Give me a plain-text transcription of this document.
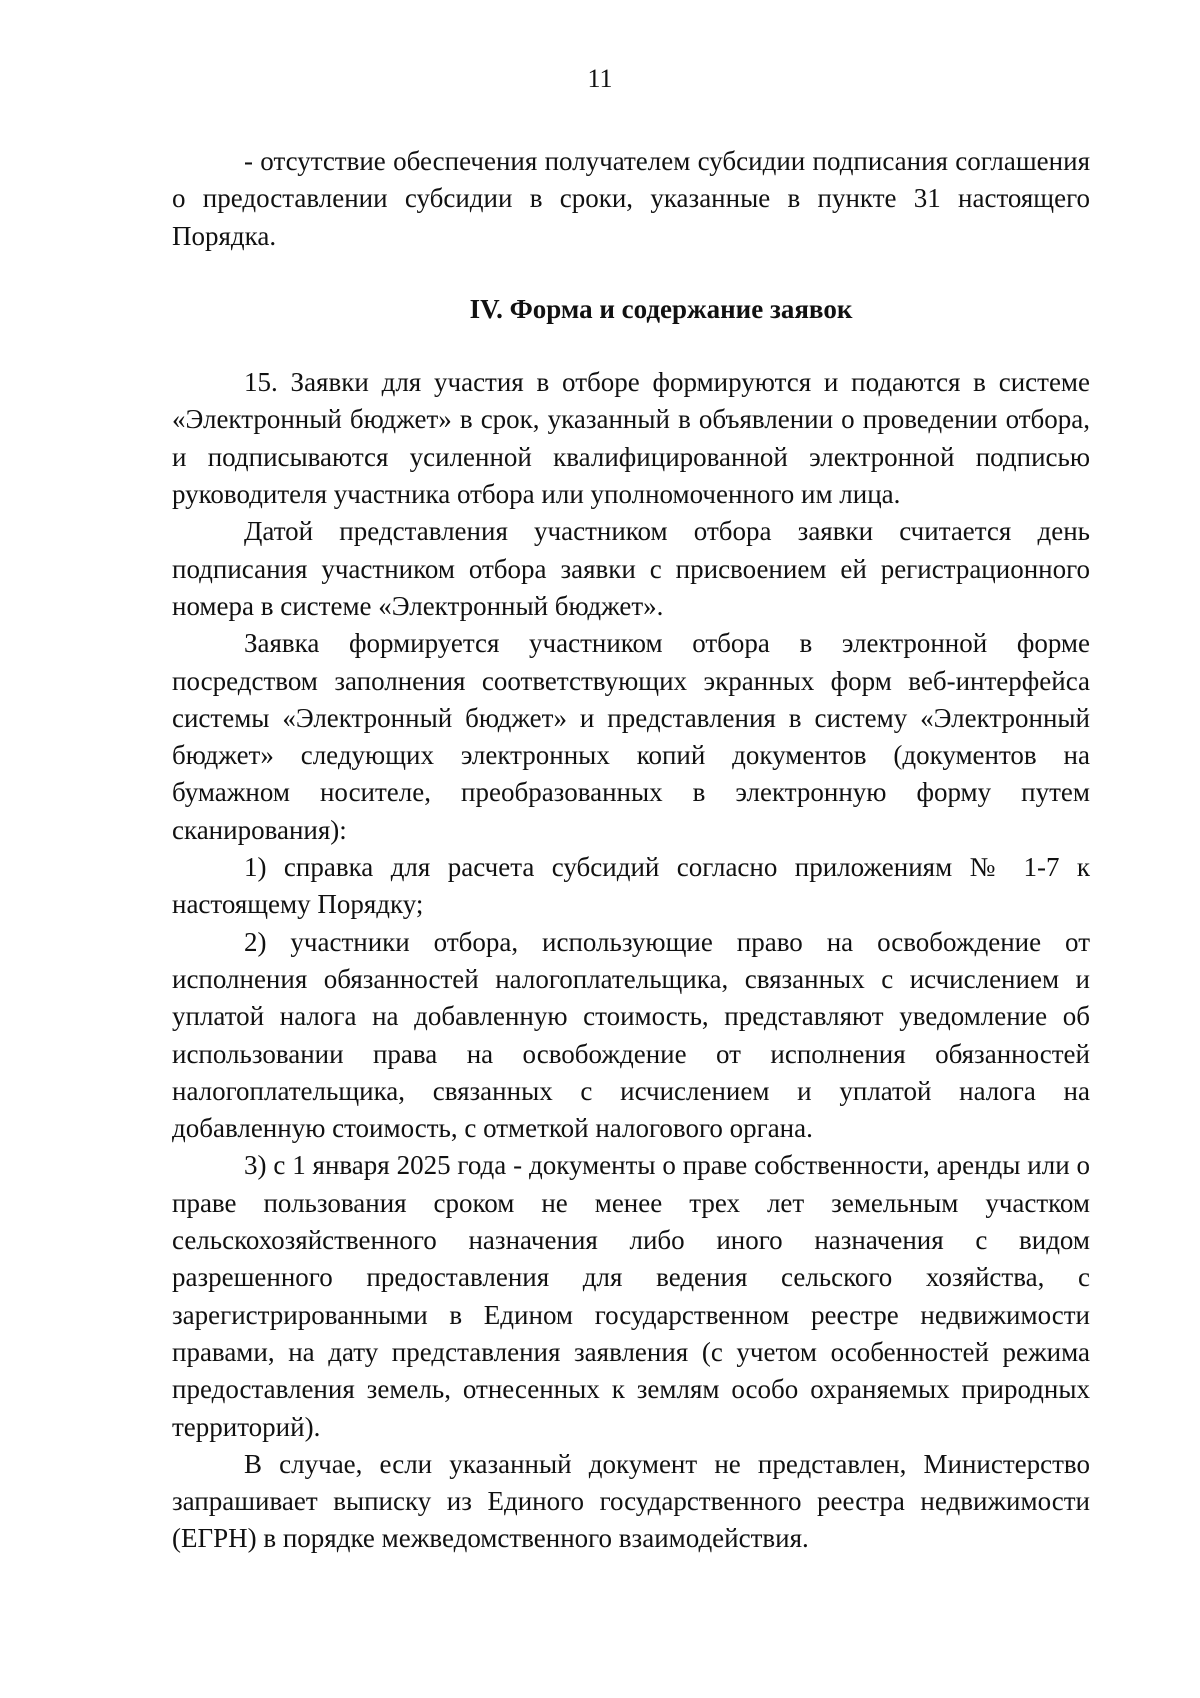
11

- отсутствие обеспечения получателем субсидии подписания соглашения о предоставлении субсидии в сроки, указанные в пункте 31 настоящего Порядка.

IV. Форма и содержание заявок

15. Заявки для участия в отборе формируются и подаются в системе «Электронный бюджет» в срок, указанный в объявлении о проведении отбора, и подписываются усиленной квалифицированной электронной подписью руководителя участника отбора или уполномоченного им лица.

Датой представления участником отбора заявки считается день подписания участником отбора заявки с присвоением ей регистрационного номера в системе «Электронный бюджет».

Заявка формируется участником отбора в электронной форме посредством заполнения соответствующих экранных форм веб-интерфейса системы «Электронный бюджет» и представления в систему «Электронный бюджет» следующих электронных копий документов (документов на бумажном носителе, преобразованных в электронную форму путем сканирования):

1) справка для расчета субсидий согласно приложениям № 1-7 к настоящему Порядку;

2) участники отбора, использующие право на освобождение от исполнения обязанностей налогоплательщика, связанных с исчислением и уплатой налога на добавленную стоимость, представляют уведомление об использовании права на освобождение от исполнения обязанностей налогоплательщика, связанных с исчислением и уплатой налога на добавленную стоимость, с отметкой налогового органа.

3) с 1 января 2025 года - документы о праве собственности, аренды или о праве пользования сроком не менее трех лет земельным участком сельскохозяйственного назначения либо иного назначения с видом разрешенного предоставления для ведения сельского хозяйства, с зарегистрированными в Едином государственном реестре недвижимости правами, на дату представления заявления (с учетом особенностей режима предоставления земель, отнесенных к землям особо охраняемых природных территорий).

В случае, если указанный документ не представлен, Министерство запрашивает выписку из Единого государственного реестра недвижимости (ЕГРН) в порядке межведомственного взаимодействия.
